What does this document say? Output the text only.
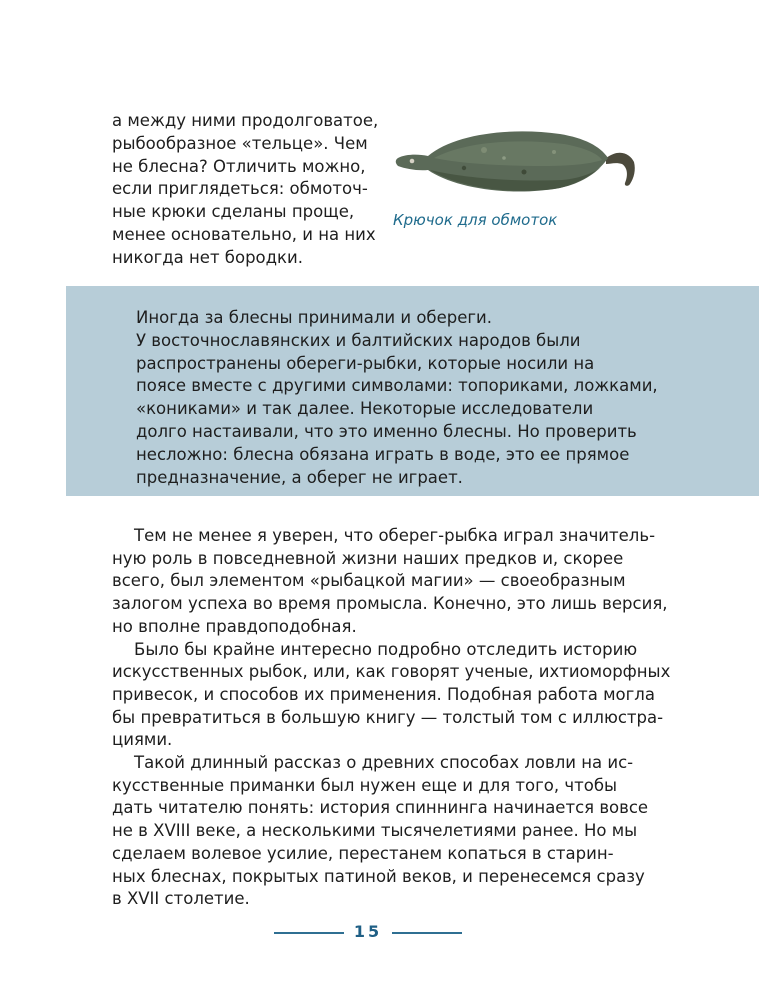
а между ними продолговатое,
рыбообразное «тельце». Чем
не блесна? Отличить можно,
если приглядеться: обмоточ-
ные крюки сделаны проще,
менее основательно, и на них
никогда нет бородки.

Крючок для обмоток

Иногда за блесны принимали и обереги.
У восточнославянских и балтийских народов были
распространены обереги-рыбки, которые носили на
поясе вместе с другими символами: топориками, ложками,
«кониками» и так далее. Некоторые исследователи
долго настаивали, что это именно блесны. Но проверить
несложно: блесна обязана играть в воде, это ее прямое
предназначение, а оберег не играет.

Тем не менее я уверен, что оберег-рыбка играл значитель-
ную роль в повседневной жизни наших предков и, скорее
всего, был элементом «рыбацкой магии» — своеобразным
залогом успеха во время промысла. Конечно, это лишь версия,
но вполне правдоподобная.
Было бы крайне интересно подробно отследить историю
искусственных рыбок, или, как говорят ученые, ихтиоморфных
привесок, и способов их применения. Подобная работа могла
бы превратиться в большую книгу — толстый том с иллюстра-
циями.
Такой длинный рассказ о древних способах ловли на ис-
кусственные приманки был нужен еще и для того, чтобы
дать читателю понять: история спиннинга начинается вовсе
не в XVIII веке, а несколькими тысячелетиями ранее. Но мы
сделаем волевое усилие, перестанем копаться в старин-
ных блеснах, покрытых патиной веков, и перенесемся сразу
в XVII столетие.
15
